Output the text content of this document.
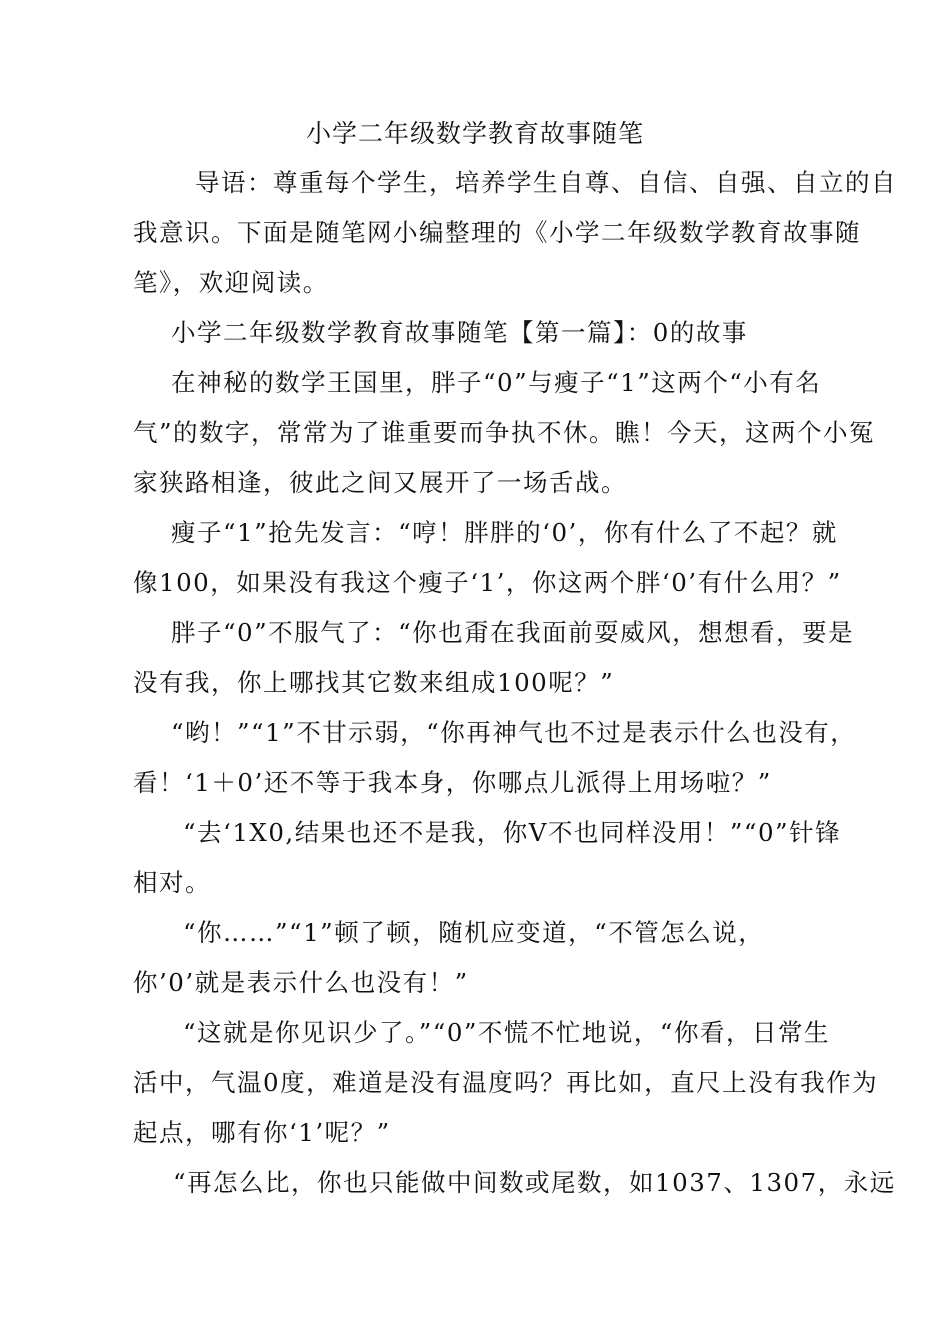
小学二年级数学教育故事随笔

导语：尊重每个学生，培养学生自尊、自信、自强、自立的自
我意识。下面是随笔网小编整理的《小学二年级数学教育故事随
笔》，欢迎阅读。

小学二年级数学教育故事随笔【第一篇】：0的故事

在神秘的数学王国里，胖子“0”与瘦子“1”这两个“小有名
气”的数字，常常为了谁重要而争执不休。瞧！今天，这两个小冤
家狭路相逢，彼此之间又展开了一场舌战。

瘦子“1”抢先发言：“哼！胖胖的‘0’，你有什么了不起？就
像100，如果没有我这个瘦子‘1’，你这两个胖‘0’有什么用？”

胖子“0”不服气了：“你也甭在我面前耍威风，想想看，要是
没有我，你上哪找其它数来组成100呢？”

“哟！”“1”不甘示弱，“你再神气也不过是表示什么也没有，
看！‘1＋0’还不等于我本身，你哪点儿派得上用场啦？”

“去‘1X0,结果也还不是我，你V不也同样没用！”“0”针锋
相对。

“你……”“1”顿了顿，随机应变道，“不管怎么说，
你’0’就是表示什么也没有！”

“这就是你见识少了。”“0”不慌不忙地说，“你看，日常生
活中，气温0度，难道是没有温度吗？再比如，直尺上没有我作为
起点，哪有你‘1’呢？”

“再怎么比，你也只能做中间数或尾数，如1037、1307，永远
